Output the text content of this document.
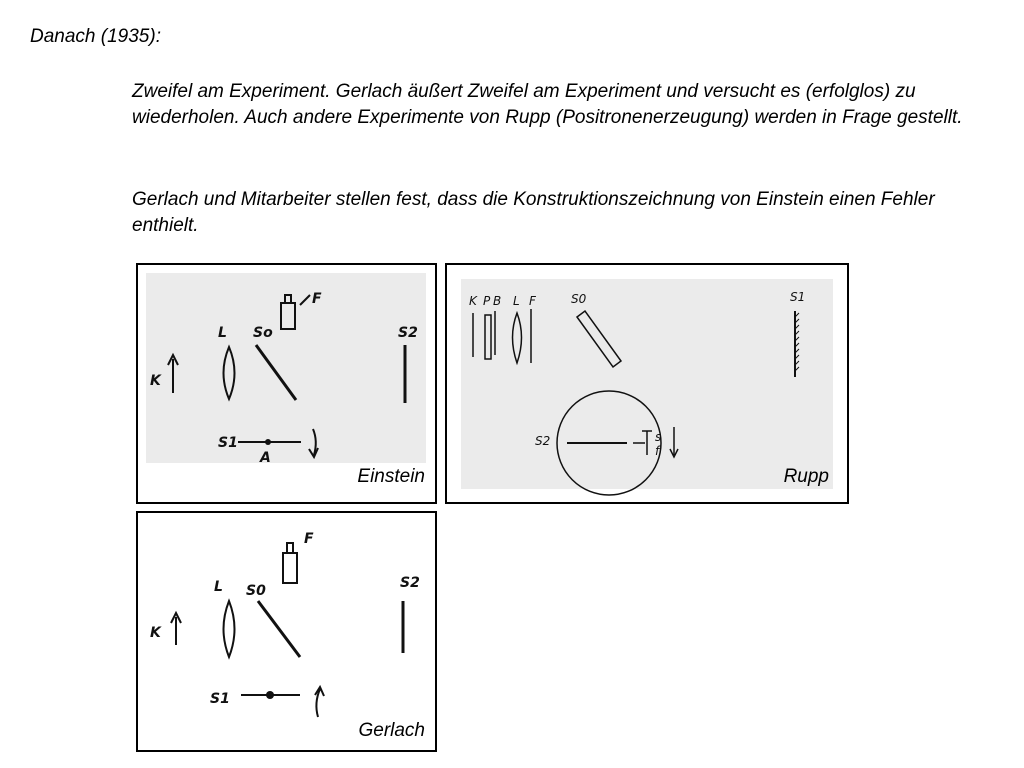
Danach (1935):

Zweifel am Experiment. Gerlach äußert Zweifel am Experiment und versucht es (erfolglos) zu wiederholen. Auch andere Experimente von Rupp (Positronenerzeugung) werden in Frage gestellt.

Gerlach und Mitarbeiter stellen fest, dass die Konstruktionszeichnung von Einstein einen Fehler enthielt.

F
L So	S2
K
S1
A
Einstein
K P B L F	S0	S1
S2	s
f
Rupp
F
L S0	S2
K
S1
Gerlach
